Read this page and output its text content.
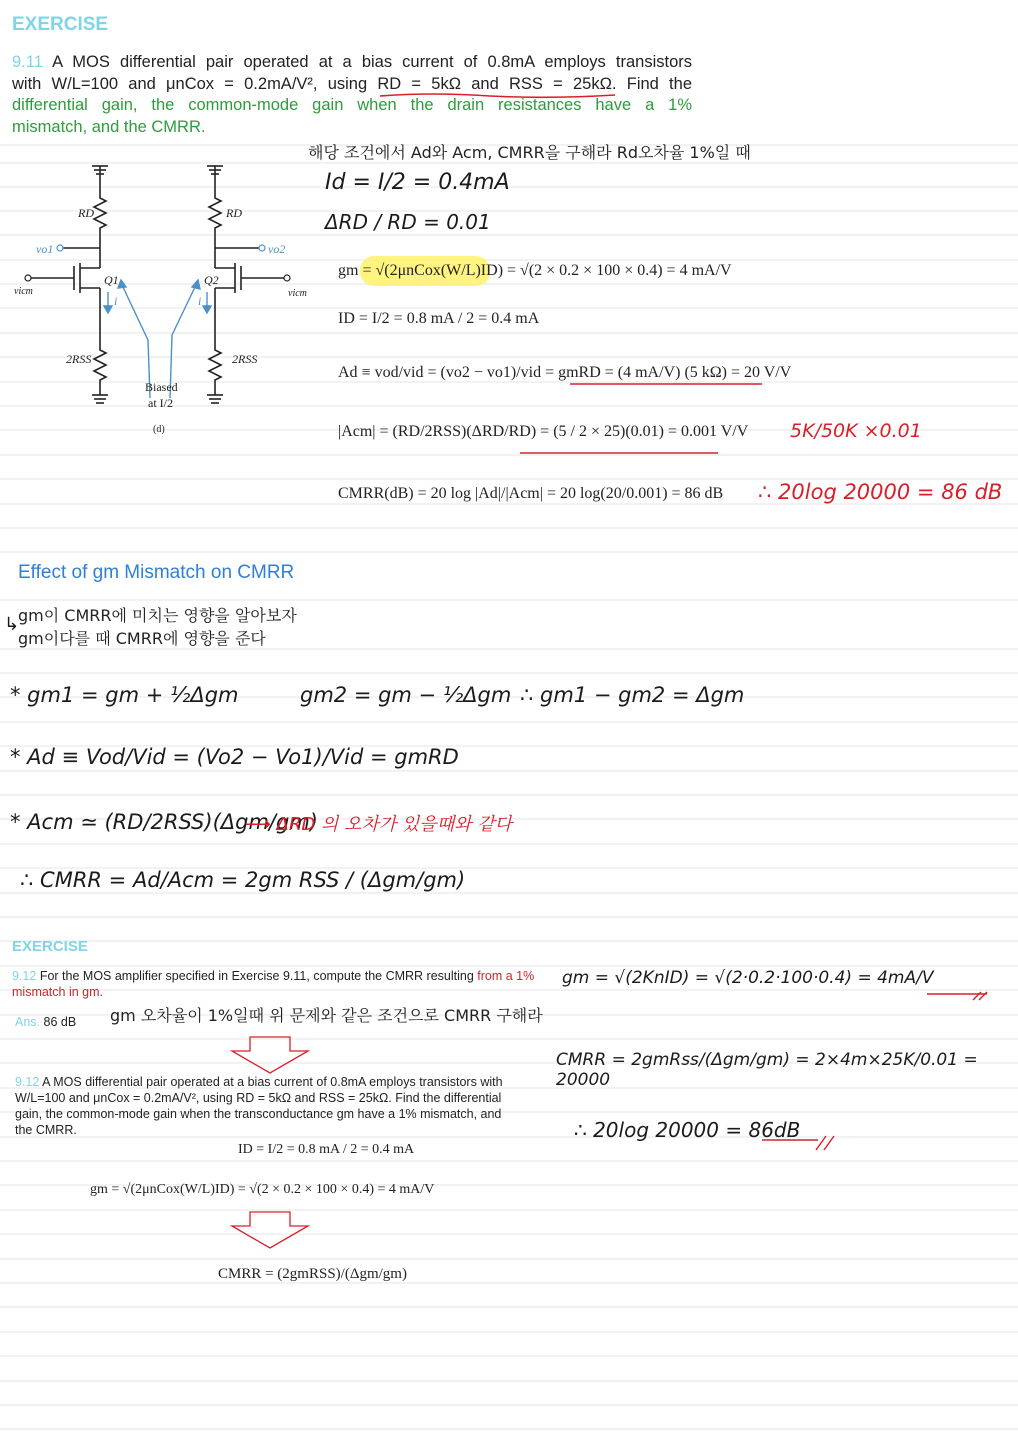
EXERCISE
9.11 A MOS differential pair operated at a bias current of 0.8mA employs transistors
with W/L=100 and μnCox = 0.2mA/V², using RD = 5kΩ and RSS = 25kΩ. Find the
differential gain, the common-mode gain when the drain resistances have a 1%
mismatch, and the CMRR.
해당 조건에서 Ad와 Acm, CMRR을 구해라 Rd오차율 1%일 때
Id = I/2 = 0.4mA
ΔRD / RD = 0.01
RD	RD
vo1	vo2
vicm	vicm
Q1	Q2
i	i
2RSS	2RSS
Biased
at I/2
(d)
gm = √(2μnCox(W/L)ID) = √(2 × 0.2 × 100 × 0.4) = 4 mA/V
ID = I/2 = 0.8 mA / 2 = 0.4 mA
Ad ≡ vod/vid = (vo2 − vo1)/vid = gmRD = (4 mA/V) (5 kΩ) = 20 V/V
|Acm| = (RD/2RSS)(ΔRD/RD) = (5 / 2 × 25)(0.01) = 0.001 V/V
CMRR(dB) = 20 log |Ad|/|Acm| = 20 log(20/0.001) = 86 dB
5K/50K ×0.01
∴ 20log 20000 = 86 dB
Effect of gm Mismatch on CMRR
↳
gm이 CMRR에 미치는 영향을 알아보자
gm이다를 때 CMRR에 영향을 준다
* gm1 = gm + ½Δgm	gm2 = gm − ½Δgm ∴ gm1 − gm2 = Δgm
* Ad ≡ Vod/Vid = (Vo2 − Vo1)/Vid = gmRD
* Acm ≃ (RD/2RSS)(Δgm/gm)
⟶ ΔRD 의 오차가 있을때와 같다
∴ CMRR = Ad/Acm = 2gm RSS / (Δgm/gm)
EXERCISE
9.12 For the MOS amplifier specified in Exercise 9.11, compute the CMRR resulting from a 1% mismatch in gm.
Ans. 86 dB gm 오차율이 1%일때 위 문제와 같은 조건으로 CMRR 구해라
9.12 A MOS differential pair operated at a bias current of 0.8mA employs transistors with
W/L=100 and μnCox = 0.2mA/V², using RD = 5kΩ and RSS = 25kΩ. Find the differential
gain, the common-mode gain when the transconductance gm have a 1% mismatch, and
the CMRR.
ID = I/2 = 0.8 mA / 2 = 0.4 mA
gm = √(2μnCox(W/L)ID) = √(2 × 0.2 × 100 × 0.4) = 4 mA/V
CMRR = (2gmRSS)/(Δgm/gm)
gm = √(2KnID) = √(2·0.2·100·0.4) = 4mA/V
CMRR = 2gmRss/(Δgm/gm) = 2×4m×25K/0.01 = 20000
∴ 20log 20000 = 86dB
